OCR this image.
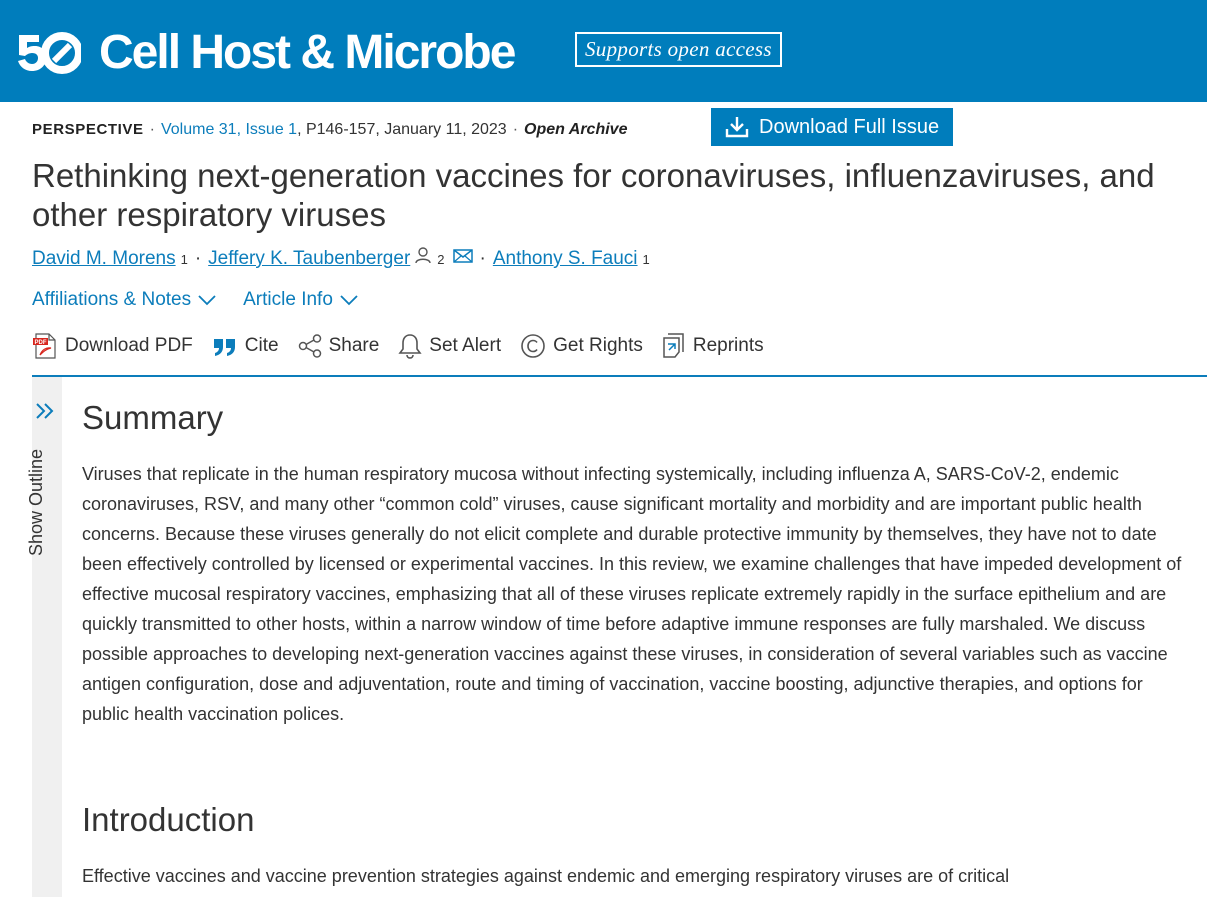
Cell Host & Microbe	Supports open access
PERSPECTIVE · Volume 31, Issue 1, P146-157, January 11, 2023 · Open Archive	Download Full Issue
Rethinking next-generation vaccines for coronaviruses, influenzaviruses, and other respiratory viruses
David M. Morens 1 · Jeffery K. Taubenberger 2 · Anthony S. Fauci 1
Affiliations & Notes	Article Info
PDF Download PDF	Cite	Share	Set Alert	Get Rights	Reprints
Show Outline
Summary

Viruses that replicate in the human respiratory mucosa without infecting systemically, including influenza A, SARS-CoV-2, endemic coronaviruses, RSV, and many other “common cold” viruses, cause significant mortality and morbidity and are important public health concerns. Because these viruses generally do not elicit complete and durable protective immunity by themselves, they have not to date been effectively controlled by licensed or experimental vaccines. In this review, we examine challenges that have impeded development of effective mucosal respiratory vaccines, emphasizing that all of these viruses replicate extremely rapidly in the surface epithelium and are quickly transmitted to other hosts, within a narrow window of time before adaptive immune responses are fully marshaled. We discuss possible approaches to developing next-generation vaccines against these viruses, in consideration of several variables such as vaccine antigen configuration, dose and adjuventation, route and timing of vaccination, vaccine boosting, adjunctive therapies, and options for public health vaccination polices.

Introduction

Effective vaccines and vaccine prevention strategies against endemic and emerging respiratory viruses are of critical
